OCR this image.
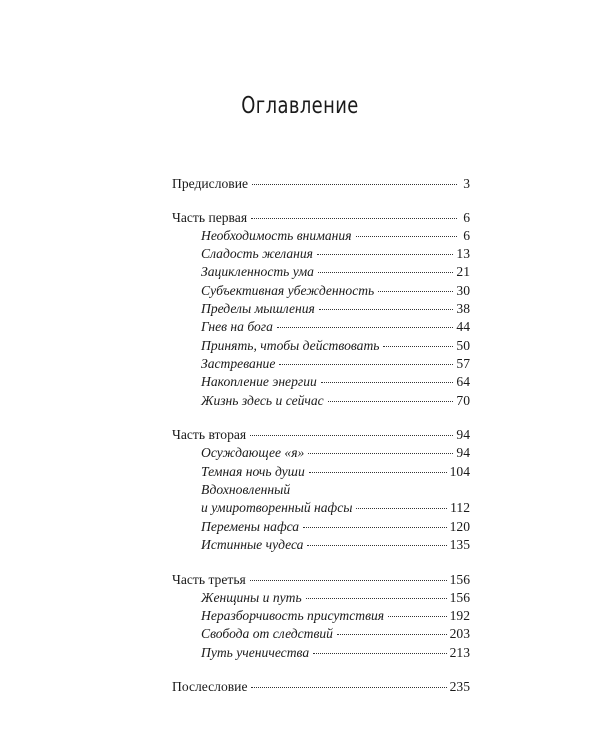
Оглавление
Предисловие	3
Часть первая	6
Необходимость внимания	6
Сладость желания	13
Зацикленность ума	21
Субъективная убежденность	30
Пределы мышления	38
Гнев на бога	44
Принять, чтобы действовать	50
Застревание	57
Накопление энергии	64
Жизнь здесь и сейчас	70
Часть вторая	94
Осуждающее «я»	94
Темная ночь души	104
Вдохновленный
и умиротворенный нафсы	112
Перемены нафса	120
Истинные чудеса	135
Часть третья	156
Женщины и путь	156
Неразборчивость присутствия	192
Свобода от следствий	203
Путь ученичества	213
Послесловие	235
